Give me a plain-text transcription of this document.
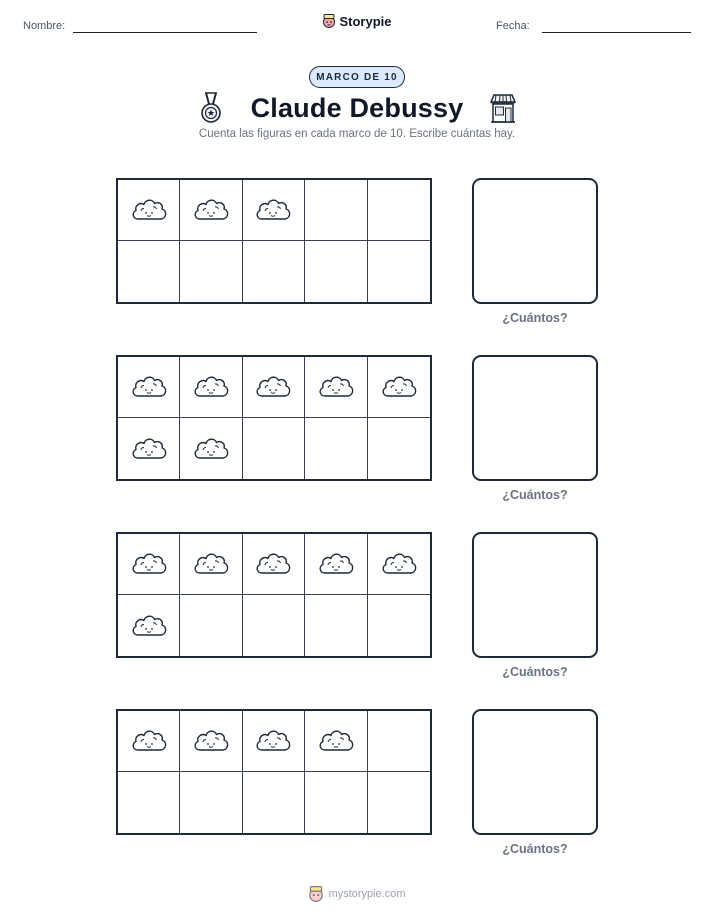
Nombre:	Storypie	Fecha:
MARCO DE 10
Claude Debussy
Cuenta las figuras en cada marco de 10. Escribe cuántas hay.
¿Cuántos?
¿Cuántos?
¿Cuántos?
¿Cuántos?
mystorypie.com
